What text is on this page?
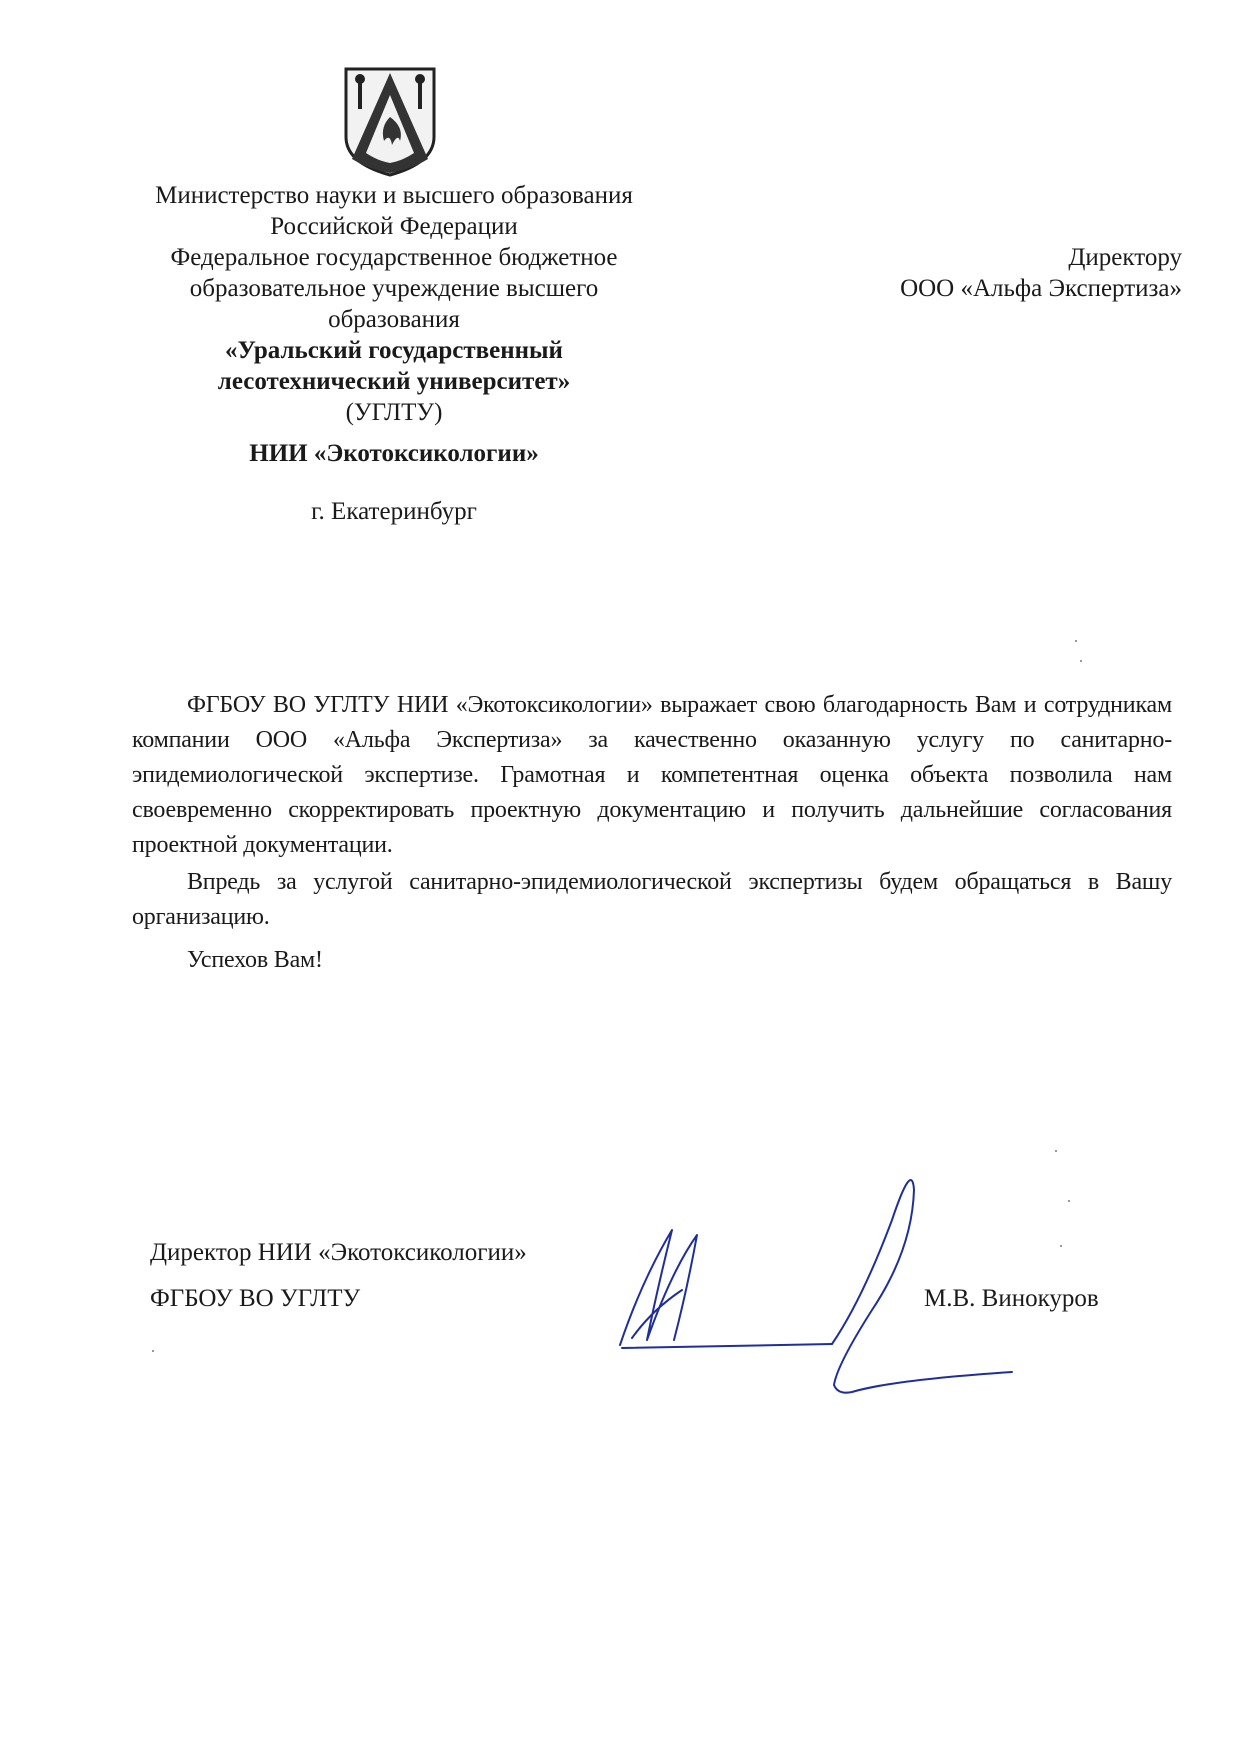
Министерство науки и высшего образования
Российской Федерации
Федеральное государственное бюджетное
образовательное учреждение высшего
образования
«Уральский государственный
лесотехнический университет»
(УГЛТУ)
НИИ «Экотоксикологии»
г. Екатеринбург
Директору
ООО «Альфа Экспертиза»

ФГБОУ ВО УГЛТУ НИИ «Экотоксикологии» выражает свою благодарность Вам и сотрудникам компании ООО «Альфа Экспертиза» за качественно оказанную услугу по санитарно-эпидемиологической экспертизе. Грамотная и компетентная оценка объекта позволила нам своевременно скорректировать проектную документацию и получить дальнейшие согласования проектной документации.

Впредь за услугой санитарно-эпидемиологической экспертизы будем обращаться в Вашу организацию.

Успехов Вам!

Директор НИИ «Экотоксикологии»
ФГБОУ ВО УГЛТУ	М.В. Винокуров
